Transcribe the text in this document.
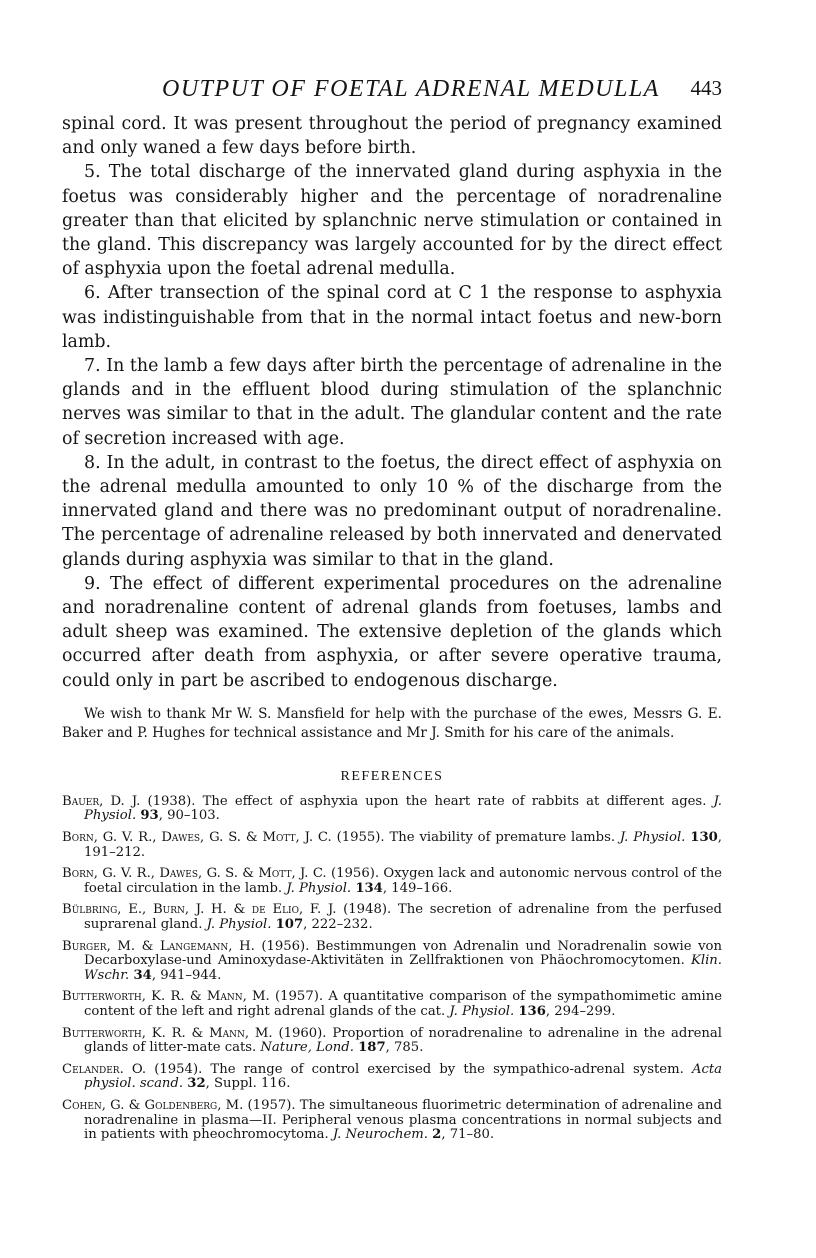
OUTPUT OF FOETAL ADRENAL MEDULLA 443

spinal cord. It was present throughout the period of pregnancy examined and only waned a few days before birth.

5. The total discharge of the innervated gland during asphyxia in the foetus was considerably higher and the percentage of noradrenaline greater than that elicited by splanchnic nerve stimulation or contained in the gland. This discrepancy was largely accounted for by the direct effect of asphyxia upon the foetal adrenal medulla.

6. After transection of the spinal cord at C 1 the response to asphyxia was indistinguishable from that in the normal intact foetus and new-born lamb.

7. In the lamb a few days after birth the percentage of adrenaline in the glands and in the effluent blood during stimulation of the splanchnic nerves was similar to that in the adult. The glandular content and the rate of secretion increased with age.

8. In the adult, in contrast to the foetus, the direct effect of asphyxia on the adrenal medulla amounted to only 10 % of the discharge from the innervated gland and there was no predominant output of noradrenaline. The percentage of adrenaline released by both innervated and denervated glands during asphyxia was similar to that in the gland.

9. The effect of different experimental procedures on the adrenaline and noradrenaline content of adrenal glands from foetuses, lambs and adult sheep was examined. The extensive depletion of the glands which occurred after death from asphyxia, or after severe operative trauma, could only in part be ascribed to endogenous discharge.

We wish to thank Mr W. S. Mansfield for help with the purchase of the ewes, Messrs G. E. Baker and P. Hughes for technical assistance and Mr J. Smith for his care of the animals.

REFERENCES

Bauer, D. J. (1938). The effect of asphyxia upon the heart rate of rabbits at different ages. J. Physiol. 93, 90–103.

Born, G. V. R., Dawes, G. S. & Mott, J. C. (1955). The viability of premature lambs. J. Physiol. 130, 191–212.

Born, G. V. R., Dawes, G. S. & Mott, J. C. (1956). Oxygen lack and autonomic nervous control of the foetal circulation in the lamb. J. Physiol. 134, 149–166.

Bülbring, E., Burn, J. H. & de Elio, F. J. (1948). The secretion of adrenaline from the perfused suprarenal gland. J. Physiol. 107, 222–232.

Burger, M. & Langemann, H. (1956). Bestimmungen von Adrenalin und Noradrenalin sowie von Decarboxylase-und Aminoxydase-Aktivitäten in Zellfraktionen von Phäochromocytomen. Klin. Wschr. 34, 941–944.

Butterworth, K. R. & Mann, M. (1957). A quantitative comparison of the sympathomimetic amine content of the left and right adrenal glands of the cat. J. Physiol. 136, 294–299.

Butterworth, K. R. & Mann, M. (1960). Proportion of noradrenaline to adrenaline in the adrenal glands of litter-mate cats. Nature, Lond. 187, 785.

Celander. O. (1954). The range of control exercised by the sympathico-adrenal system. Acta physiol. scand. 32, Suppl. 116.

Cohen, G. & Goldenberg, M. (1957). The simultaneous fluorimetric determination of adrenaline and noradrenaline in plasma—II. Peripheral venous plasma concentrations in normal subjects and in patients with pheochromocytoma. J. Neurochem. 2, 71–80.
